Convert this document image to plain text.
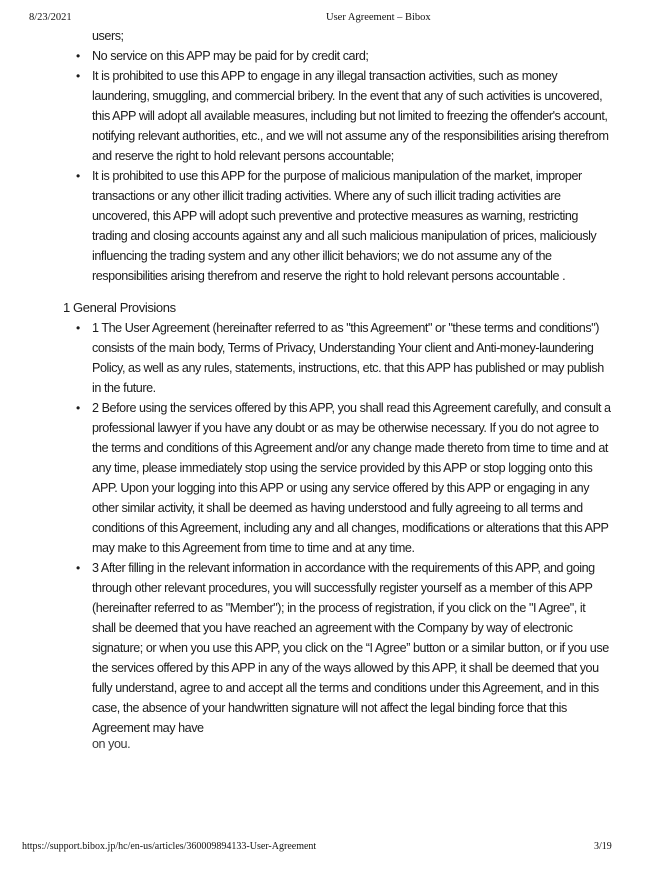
8/23/2021	User Agreement – Bibox

users;

• No service on this APP may be paid for by credit card;
• It is prohibited to use this APP to engage in any illegal transaction activities, such as money laundering, smuggling, and commercial bribery. In the event that any of such activities is uncovered, this APP will adopt all available measures, including but not limited to freezing the offender's account, notifying relevant authorities, etc., and we will not assume any of the responsibilities arising therefrom and reserve the right to hold relevant persons accountable;
• It is prohibited to use this APP for the purpose of malicious manipulation of the market, improper transactions or any other illicit trading activities. Where any of such illicit trading activities are uncovered, this APP will adopt such preventive and protective measures as warning, restricting trading and closing accounts against any and all such malicious manipulation of prices, maliciously influencing the trading system and any other illicit behaviors; we do not assume any of the responsibilities arising therefrom and reserve the right to hold relevant persons accountable .
1 General Provisions
• 1 The User Agreement (hereinafter referred to as "this Agreement" or "these terms and conditions") consists of the main body, Terms of Privacy, Understanding Your client and Anti-money-laundering Policy, as well as any rules, statements, instructions, etc. that this APP has published or may publish in the future.
• 2 Before using the services offered by this APP, you shall read this Agreement carefully, and consult a professional lawyer if you have any doubt or as may be otherwise necessary. If you do not agree to the terms and conditions of this Agreement and/or any change made thereto from time to time and at any time, please immediately stop using the service provided by this APP or stop logging onto this APP. Upon your logging into this APP or using any service offered by this APP or engaging in any other similar activity, it shall be deemed as having understood and fully agreeing to all terms and conditions of this Agreement, including any and all changes, modifications or alterations that this APP may make to this Agreement from time to time and at any time.
• 3 After filling in the relevant information in accordance with the requirements of this APP, and going through other relevant procedures, you will successfully register yourself as a member of this APP (hereinafter referred to as "Member"); in the process of registration, if you click on the "I Agree", it shall be deemed that you have reached an agreement with the Company by way of electronic signature; or when you use this APP, you click on the “I Agree” button or a similar button, or if you use the services offered by this APP in any of the ways allowed by this APP, it shall be deemed that you fully understand, agree to and accept all the terms and conditions under this Agreement, and in this case, the absence of your handwritten signature will not affect the legal binding force that this Agreement may have
on you.
https://support.bibox.jp/hc/en-us/articles/360009894133-User-Agreement	3/19
